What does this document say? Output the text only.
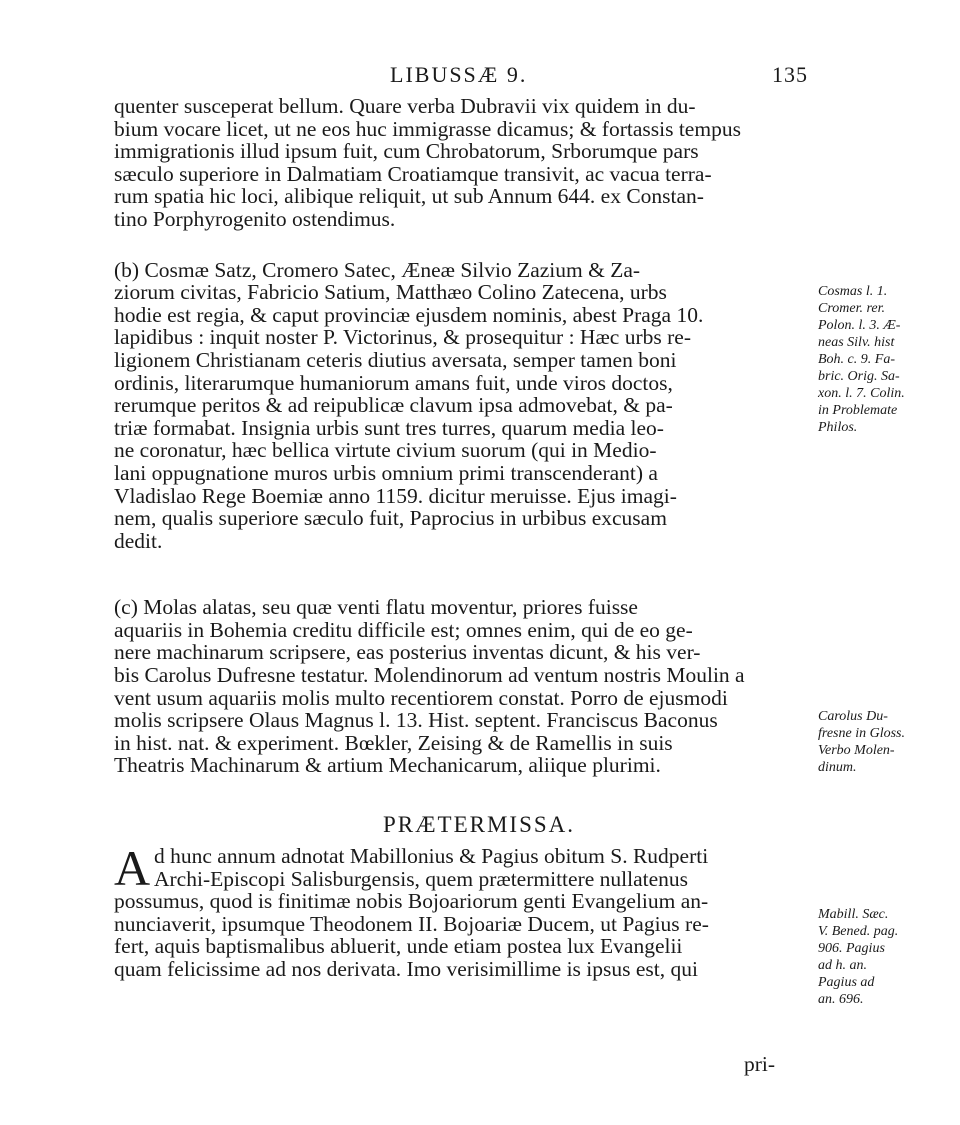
LIBUSSÆ 9.	135
quenter susceperat bellum. Quare verba Dubravii vix quidem in du-
bium vocare licet, ut ne eos huc immigrasse dicamus; & fortassis tempus
immigrationis illud ipsum fuit, cum Chrobatorum, Srborumque pars
sæculo superiore in Dalmatiam Croatiamque transivit, ac vacua terra-
rum spatia hic loci, alibique reliquit, ut sub Annum 644. ex Constan-
tino Porphyrogenito ostendimus.
(b) Cosmæ Satz, Cromero Satec, Æneæ Silvio Zazium & Za-
ziorum civitas, Fabricio Satium, Matthæo Colino Zatecena, urbs
hodie est regia, & caput provinciæ ejusdem nominis, abest Praga 10.
lapidibus : inquit noster P. Victorinus, & prosequitur : Hæc urbs re-
ligionem Christianam ceteris diutius aversata, semper tamen boni
ordinis, literarumque humaniorum amans fuit, unde viros doctos,
rerumque peritos & ad reipublicæ clavum ipsa admovebat, & pa-
triæ formabat. Insignia urbis sunt tres turres, quarum media leo-
ne coronatur, hæc bellica virtute civium suorum (qui in Medio-
lani oppugnatione muros urbis omnium primi transcenderant) a
Vladislao Rege Boemiæ anno 1159. dicitur meruisse. Ejus imagi-
nem, qualis superiore sæculo fuit, Paprocius in urbibus excusam
dedit.
(c) Molas alatas, seu quæ venti flatu moventur, priores fuisse
aquariis in Bohemia creditu difficile est; omnes enim, qui de eo ge-
nere machinarum scripsere, eas posterius inventas dicunt, & his ver-
bis Carolus Dufresne testatur. Molendinorum ad ventum nostris Moulin a
vent usum aquariis molis multo recentiorem constat. Porro de ejusmodi
molis scripsere Olaus Magnus l. 13. Hist. septent. Franciscus Baconus
in hist. nat. & experiment. Bœkler, Zeising & de Ramellis in suis
Theatris Machinarum & artium Mechanicarum, aliique plurimi.
PRÆTERMISSA.
A d hunc annum adnotat Mabillonius & Pagius obitum S. Rudperti
Archi-Episcopi Salisburgensis, quem prætermittere nullatenus
possumus, quod is finitimæ nobis Bojoariorum genti Evangelium an-
nunciaverit, ipsumque Theodonem II. Bojoariæ Ducem, ut Pagius re-
fert, aquis baptismalibus abluerit, unde etiam postea lux Evangelii
quam felicissime ad nos derivata. Imo verisimillime is ipsus est, qui
Cosmas l. 1.
Cromer. rer.
Polon. l. 3. Æ-
neas Silv. hist
Boh. c. 9. Fa-
bric. Orig. Sa-
xon. l. 7. Colin.
in Problemate
Philos.
Carolus Du-
fresne in Gloss.
Verbo Molen-
dinum.
Mabill. Sæc.
V. Bened. pag.
906. Pagius
ad h. an.
Pagius ad
an. 696.
pri-
